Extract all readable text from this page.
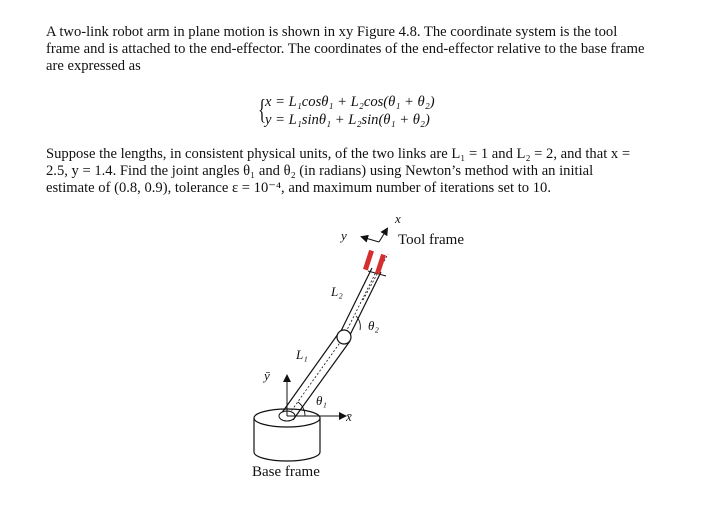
A two-link robot arm in plane motion is shown in xy Figure 4.8. The coordinate system is the tool
frame and is attached to the end-effector. The coordinates of the end-effector relative to the base frame
are expressed as
{
x = L₁cosθ₁ + L₂cos(θ₁ + θ₂)
y = L₁sinθ₁ + L₂sin(θ₁ + θ₂)
Suppose the lengths, in consistent physical units, of the two links are L₁ = 1 and L₂ = 2, and that x =
2.5, y = 1.4. Find the joint angles θ₁ and θ₂ (in radians) using Newton’s method with an initial
estimate of (0.8, 0.9), tolerance ε = 10⁻⁴, and maximum number of iterations set to 10.
x
y	Tool frame
L₂
θ₂
L₁
ȳ
θ₁
x̄
Base frame
